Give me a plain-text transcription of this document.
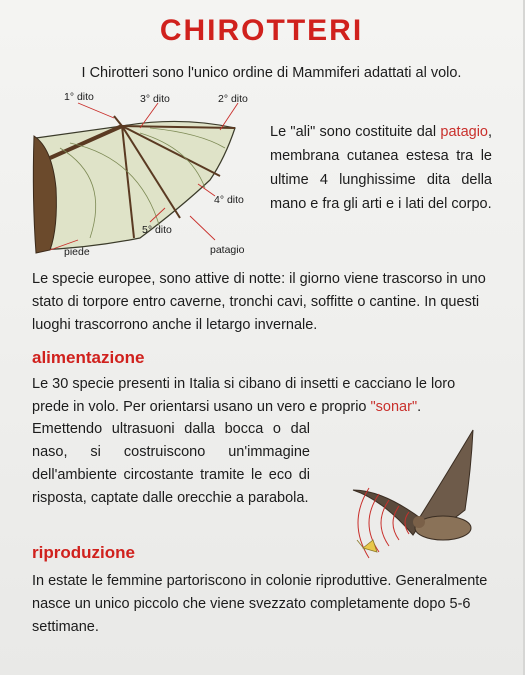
CHIROTTERI
I Chirotteri sono l'unico ordine di Mammiferi adattati al volo.
1° dito	3° dito	2° dito
4° dito
5° dito
piede	patagio
Le "ali" sono costituite dal patagio, membrana cutanea estesa tra le ultime 4 lunghissime dita della mano e fra gli arti e i lati del corpo.
Le specie europee, sono attive di notte: il giorno viene trascorso in uno stato di torpore entro caverne, tronchi cavi, soffitte o cantine. In questi luoghi trascorrono anche il letargo invernale.
alimentazione
Le 30 specie presenti in Italia si cibano di insetti e cacciano le loro prede in volo. Per orientarsi usano un vero e proprio "sonar".
Emettendo ultrasuoni dalla bocca o dal naso, si costruiscono un'immagine dell'ambiente circostante tramite le eco di risposta, captate dalle orecchie a parabola.
riproduzione
In estate le femmine partoriscono in colonie riproduttive. Generalmente nasce un unico piccolo che viene svezzato completamente dopo 5-6 settimane.
